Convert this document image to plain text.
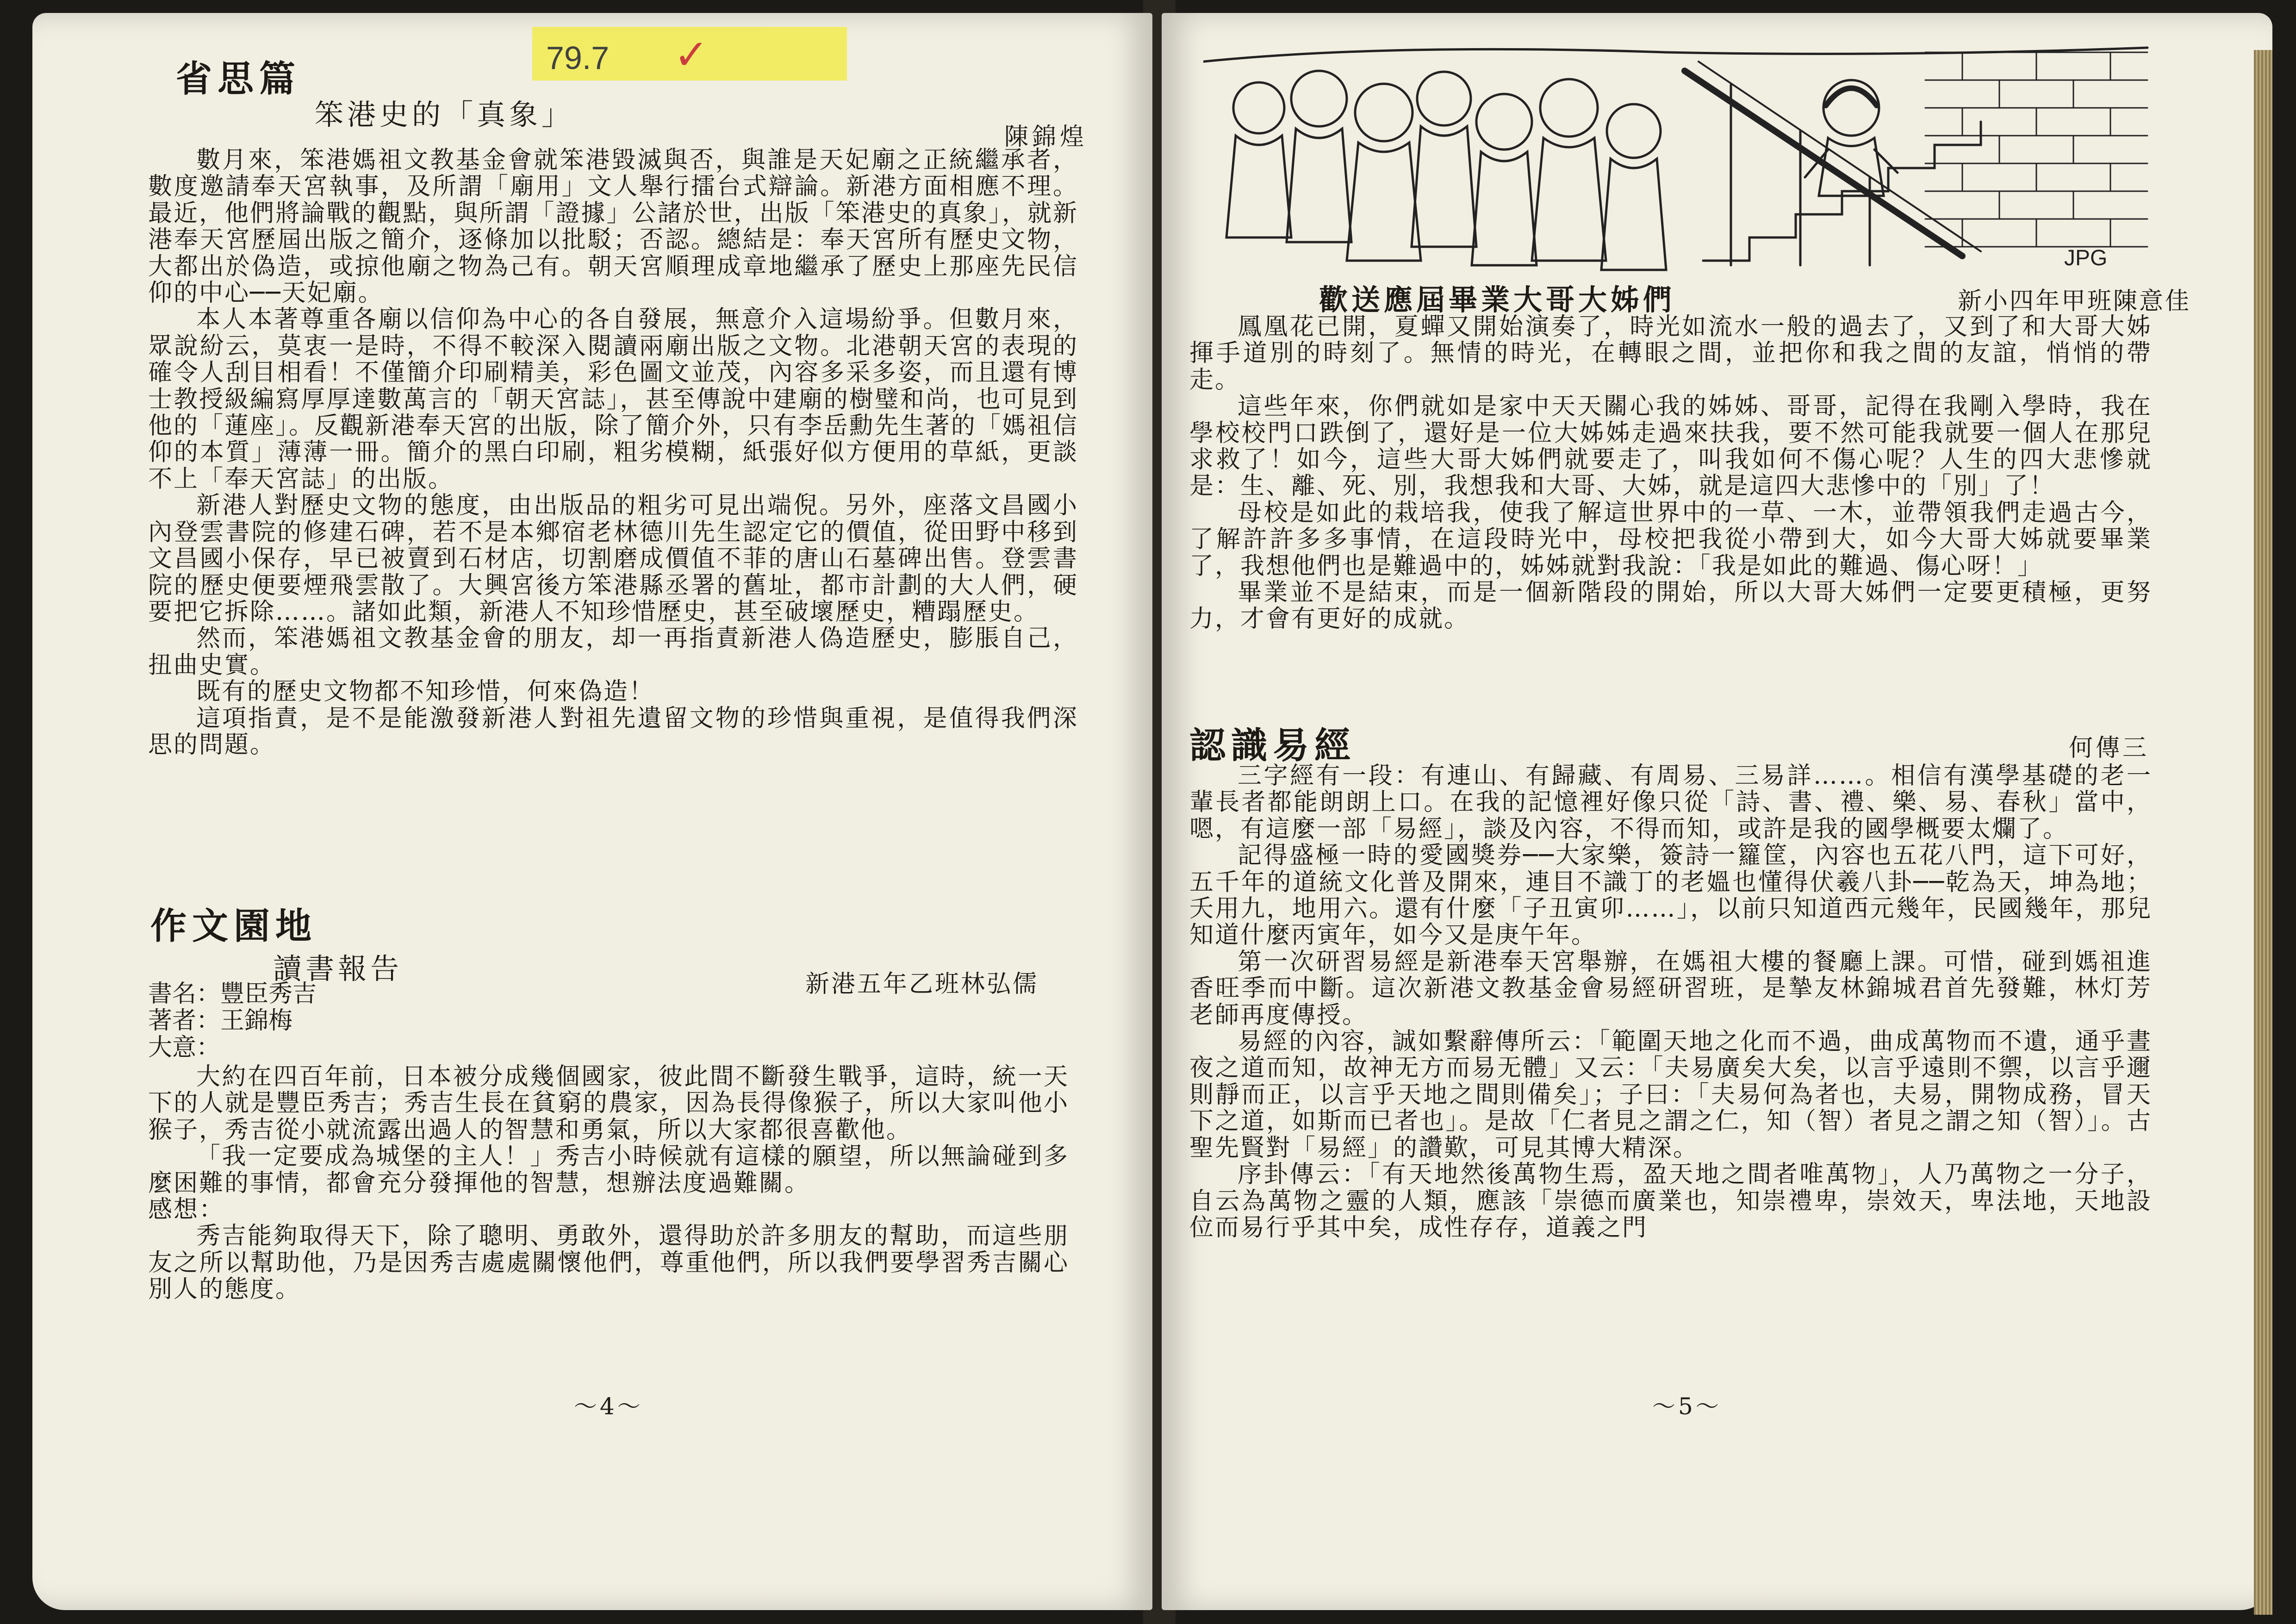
79.7 ✓
省思篇
笨港史的「真象」
陳錦煌

數月來，笨港媽祖文教基金會就笨港毀滅與否，與誰是天妃廟之正統繼承者，數度邀請奉天宮執事，及所謂「廟用」文人舉行擂台式辯論。新港方面相應不理。最近，他們將論戰的觀點，與所謂「證據」公諸於世，出版「笨港史的真象」，就新港奉天宮歷屆出版之簡介，逐條加以批駁；否認。總結是：奉天宮所有歷史文物，大都出於偽造，或掠他廟之物為己有。朝天宮順理成章地繼承了歷史上那座先民信仰的中心──天妃廟。

本人本著尊重各廟以信仰為中心的各自發展，無意介入這場紛爭。但數月來，眾說紛云，莫衷一是時，不得不較深入閱讀兩廟出版之文物。北港朝天宮的表現的確令人刮目相看！不僅簡介印刷精美，彩色圖文並茂，內容多采多姿，而且還有博士教授級編寫厚厚達數萬言的「朝天宮誌」，甚至傳說中建廟的樹璧和尚，也可見到他的「蓮座」。反觀新港奉天宮的出版，除了簡介外，只有李岳勳先生著的「媽祖信仰的本質」薄薄一冊。簡介的黑白印刷，粗劣模糊，紙張好似方便用的草紙，更談不上「奉天宮誌」的出版。

新港人對歷史文物的態度，由出版品的粗劣可見出端倪。另外，座落文昌國小內登雲書院的修建石碑，若不是本鄉宿老林德川先生認定它的價值，從田野中移到文昌國小保存，早已被賣到石材店，切割磨成價值不菲的唐山石墓碑出售。登雲書院的歷史便要煙飛雲散了。大興宮後方笨港縣丞署的舊址，都市計劃的大人們，硬要把它拆除……。諸如此類，新港人不知珍惜歷史，甚至破壞歷史，糟蹋歷史。

然而，笨港媽祖文教基金會的朋友，却一再指責新港人偽造歷史，膨脹自己，扭曲史實。

既有的歷史文物都不知珍惜，何來偽造！

這項指責，是不是能激發新港人對祖先遺留文物的珍惜與重視，是值得我們深思的問題。

作文園地
讀書報告	新港五年乙班林弘儒
書名：豐臣秀吉
著者：王錦梅
大意：

大約在四百年前，日本被分成幾個國家，彼此間不斷發生戰爭，這時，統一天下的人就是豐臣秀吉；秀吉生長在貧窮的農家，因為長得像猴子，所以大家叫他小猴子，秀吉從小就流露出過人的智慧和勇氣，所以大家都很喜歡他。

「我一定要成為城堡的主人！」秀吉小時候就有這樣的願望，所以無論碰到多麼困難的事情，都會充分發揮他的智慧，想辦法度過難關。

感想：

秀吉能夠取得天下，除了聰明、勇敢外，還得助於許多朋友的幫助，而這些朋友之所以幫助他，乃是因秀吉處處關懷他們，尊重他們，所以我們要學習秀吉關心別人的態度。

～4～
JPG
歡送應屆畢業大哥大姊們	新小四年甲班陳意佳

鳳凰花已開，夏蟬又開始演奏了，時光如流水一般的過去了，又到了和大哥大姊揮手道別的時刻了。無情的時光，在轉眼之間，並把你和我之間的友誼，悄悄的帶走。

這些年來，你們就如是家中天天關心我的姊姊、哥哥，記得在我剛入學時，我在學校校門口跌倒了，還好是一位大姊姊走過來扶我，要不然可能我就要一個人在那兒求救了！如今，這些大哥大姊們就要走了，叫我如何不傷心呢？人生的四大悲慘就是：生、離、死、別，我想我和大哥、大姊，就是這四大悲慘中的「別」了！

母校是如此的栽培我，使我了解這世界中的一草、一木，並帶領我們走過古今，了解許許多多事情，在這段時光中，母校把我從小帶到大，如今大哥大姊就要畢業了，我想他們也是難過中的，姊姊就對我說：「我是如此的難過、傷心呀！」

畢業並不是結束，而是一個新階段的開始，所以大哥大姊們一定要更積極，更努力，才會有更好的成就。

認識易經	何傳三

三字經有一段：有連山、有歸藏、有周易、三易詳……。相信有漢學基礎的老一輩長者都能朗朗上口。在我的記憶裡好像只從「詩、書、禮、樂、易、春秋」當中，嗯，有這麼一部「易經」，談及內容，不得而知，或許是我的國學概要太爛了。

記得盛極一時的愛國獎券──大家樂，簽詩一籮筐，內容也五花八門，這下可好，五千年的道統文化普及開來，連目不識丁的老媼也懂得伏羲八卦──乾為天，坤為地；夭用九，地用六。還有什麼「子丑寅卯……」，以前只知道西元幾年，民國幾年，那兒知道什麼丙寅年，如今又是庚午年。

第一次研習易經是新港奉天宮舉辦，在媽祖大樓的餐廳上課。可惜，碰到媽祖進香旺季而中斷。這次新港文教基金會易經研習班，是摯友林錦城君首先發難，林灯芳老師再度傳授。

易經的內容，誠如繫辭傳所云：「範圍天地之化而不過，曲成萬物而不遺，通乎晝夜之道而知，故神无方而易无體」又云：「夫易廣矣大矣，以言乎遠則不禦，以言乎邇則靜而正，以言乎天地之間則備矣」；子曰：「夫易何為者也，夫易，開物成務，冒天下之道，如斯而已者也」。是故「仁者見之謂之仁，知（智）者見之謂之知（智）」。古聖先賢對「易經」的讚歎，可見其博大精深。

序卦傳云：「有天地然後萬物生焉，盈天地之間者唯萬物」，人乃萬物之一分子，自云為萬物之靈的人類，應該「崇德而廣業也，知崇禮卑，崇效天，卑法地，天地設位而易行乎其中矣，成性存存，道義之門

～5～
